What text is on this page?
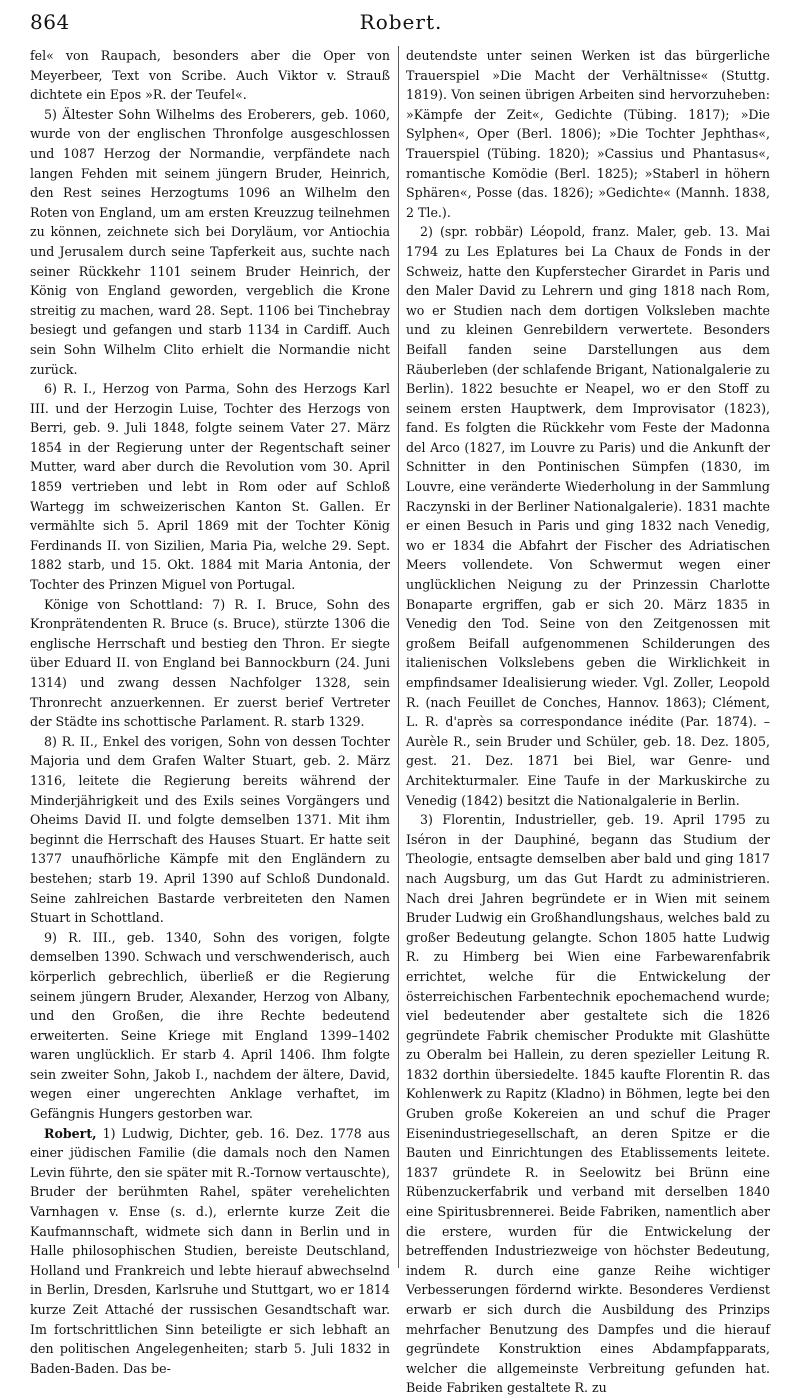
864	Robert.

fel« von Raupach, besonders aber die Oper von Meyerbeer, Text von Scribe. Auch Viktor v. Strauß dichtete ein Epos »R. der Teufel«.

5) Ältester Sohn Wilhelms des Eroberers, geb. 1060, wurde von der englischen Thronfolge ausgeschlossen und 1087 Herzog der Normandie, verpfändete nach langen Fehden mit seinem jüngern Bruder, Heinrich, den Rest seines Herzogtums 1096 an Wilhelm den Roten von England, um am ersten Kreuzzug teilnehmen zu können, zeichnete sich bei Doryläum, vor Antiochia und Jerusalem durch seine Tapferkeit aus, suchte nach seiner Rückkehr 1101 seinem Bruder Heinrich, der König von England geworden, vergeblich die Krone streitig zu machen, ward 28. Sept. 1106 bei Tinchebray besiegt und gefangen und starb 1134 in Cardiff. Auch sein Sohn Wilhelm Clito erhielt die Normandie nicht zurück.

6) R. I., Herzog von Parma, Sohn des Herzogs Karl III. und der Herzogin Luise, Tochter des Herzogs von Berri, geb. 9. Juli 1848, folgte seinem Vater 27. März 1854 in der Regierung unter der Regentschaft seiner Mutter, ward aber durch die Revolution vom 30. April 1859 vertrieben und lebt in Rom oder auf Schloß Wartegg im schweizerischen Kanton St. Gallen. Er vermählte sich 5. April 1869 mit der Tochter König Ferdinands II. von Sizilien, Maria Pia, welche 29. Sept. 1882 starb, und 15. Okt. 1884 mit Maria Antonia, der Tochter des Prinzen Miguel von Portugal.

Könige von Schottland: 7) R. I. Bruce, Sohn des Kronprätendenten R. Bruce (s. Bruce), stürzte 1306 die englische Herrschaft und bestieg den Thron. Er siegte über Eduard II. von England bei Bannockburn (24. Juni 1314) und zwang dessen Nachfolger 1328, sein Thronrecht anzuerkennen. Er zuerst berief Vertreter der Städte ins schottische Parlament. R. starb 1329.

8) R. II., Enkel des vorigen, Sohn von dessen Tochter Majoria und dem Grafen Walter Stuart, geb. 2. März 1316, leitete die Regierung bereits während der Minderjährigkeit und des Exils seines Vorgängers und Oheims David II. und folgte demselben 1371. Mit ihm beginnt die Herrschaft des Hauses Stuart. Er hatte seit 1377 unaufhörliche Kämpfe mit den Engländern zu bestehen; starb 19. April 1390 auf Schloß Dundonald. Seine zahlreichen Bastarde verbreiteten den Namen Stuart in Schottland.

9) R. III., geb. 1340, Sohn des vorigen, folgte demselben 1390. Schwach und verschwenderisch, auch körperlich gebrechlich, überließ er die Regierung seinem jüngern Bruder, Alexander, Herzog von Albany, und den Großen, die ihre Rechte bedeutend erweiterten. Seine Kriege mit England 1399–1402 waren unglücklich. Er starb 4. April 1406. Ihm folgte sein zweiter Sohn, Jakob I., nachdem der ältere, David, wegen einer ungerechten Anklage verhaftet, im Gefängnis Hungers gestorben war.

Robert, 1) Ludwig, Dichter, geb. 16. Dez. 1778 aus einer jüdischen Familie (die damals noch den Namen Levin führte, den sie später mit R.-Tornow vertauschte), Bruder der berühmten Rahel, später verehelichten Varnhagen v. Ense (s. d.), erlernte kurze Zeit die Kaufmannschaft, widmete sich dann in Berlin und in Halle philosophischen Studien, bereiste Deutschland, Holland und Frankreich und lebte hierauf abwechselnd in Berlin, Dresden, Karlsruhe und Stuttgart, wo er 1814 kurze Zeit Attaché der russischen Gesandtschaft war. Im fortschrittlichen Sinn beteiligte er sich lebhaft an den politischen Angelegenheiten; starb 5. Juli 1832 in Baden-Baden. Das be-

deutendste unter seinen Werken ist das bürgerliche Trauerspiel »Die Macht der Verhältnisse« (Stuttg. 1819). Von seinen übrigen Arbeiten sind hervorzuheben: »Kämpfe der Zeit«, Gedichte (Tübing. 1817); »Die Sylphen«, Oper (Berl. 1806); »Die Tochter Jephthas«, Trauerspiel (Tübing. 1820); »Cassius und Phantasus«, romantische Komödie (Berl. 1825); »Staberl in höhern Sphären«, Posse (das. 1826); »Gedichte« (Mannh. 1838, 2 Tle.).

2) (spr. robbär) Léopold, franz. Maler, geb. 13. Mai 1794 zu Les Eplatures bei La Chaux de Fonds in der Schweiz, hatte den Kupferstecher Girardet in Paris und den Maler David zu Lehrern und ging 1818 nach Rom, wo er Studien nach dem dortigen Volksleben machte und zu kleinen Genrebildern verwertete. Besonders Beifall fanden seine Darstellungen aus dem Räuberleben (der schlafende Brigant, Nationalgalerie zu Berlin). 1822 besuchte er Neapel, wo er den Stoff zu seinem ersten Hauptwerk, dem Improvisator (1823), fand. Es folgten die Rückkehr vom Feste der Madonna del Arco (1827, im Louvre zu Paris) und die Ankunft der Schnitter in den Pontinischen Sümpfen (1830, im Louvre, eine veränderte Wiederholung in der Sammlung Raczynski in der Berliner Nationalgalerie). 1831 machte er einen Besuch in Paris und ging 1832 nach Venedig, wo er 1834 die Abfahrt der Fischer des Adriatischen Meers vollendete. Von Schwermut wegen einer unglücklichen Neigung zu der Prinzessin Charlotte Bonaparte ergriffen, gab er sich 20. März 1835 in Venedig den Tod. Seine von den Zeitgenossen mit großem Beifall aufgenommenen Schilderungen des italienischen Volkslebens geben die Wirklichkeit in empfindsamer Idealisierung wieder. Vgl. Zoller, Leopold R. (nach Feuillet de Conches, Hannov. 1863); Clément, L. R. d'après sa correspondance inédite (Par. 1874). – Aurèle R., sein Bruder und Schüler, geb. 18. Dez. 1805, gest. 21. Dez. 1871 bei Biel, war Genre- und Architekturmaler. Eine Taufe in der Markuskirche zu Venedig (1842) besitzt die Nationalgalerie in Berlin.

3) Florentin, Industrieller, geb. 19. April 1795 zu Iséron in der Dauphiné, begann das Studium der Theologie, entsagte demselben aber bald und ging 1817 nach Augsburg, um das Gut Hardt zu administrieren. Nach drei Jahren begründete er in Wien mit seinem Bruder Ludwig ein Großhandlungshaus, welches bald zu großer Bedeutung gelangte. Schon 1805 hatte Ludwig R. zu Himberg bei Wien eine Farbewarenfabrik errichtet, welche für die Entwickelung der österreichischen Farbentechnik epochemachend wurde; viel bedeutender aber gestaltete sich die 1826 gegründete Fabrik chemischer Produkte mit Glashütte zu Oberalm bei Hallein, zu deren spezieller Leitung R. 1832 dorthin übersiedelte. 1845 kaufte Florentin R. das Kohlenwerk zu Rapitz (Kladno) in Böhmen, legte bei den Gruben große Kokereien an und schuf die Prager Eisenindustriegesellschaft, an deren Spitze er die Bauten und Einrichtungen des Etablissements leitete. 1837 gründete R. in Seelowitz bei Brünn eine Rübenzuckerfabrik und verband mit derselben 1840 eine Spiritusbrennerei. Beide Fabriken, namentlich aber die erstere, wurden für die Entwickelung der betreffenden Industriezweige von höchster Bedeutung, indem R. durch eine ganze Reihe wichtiger Verbesserungen fördernd wirkte. Besonderes Verdienst erwarb er sich durch die Ausbildung des Prinzips mehrfacher Benutzung des Dampfes und die hierauf gegründete Konstruktion eines Abdampfapparats, welcher die allgemeinste Verbreitung gefunden hat. Beide Fabriken gestaltete R. zu
